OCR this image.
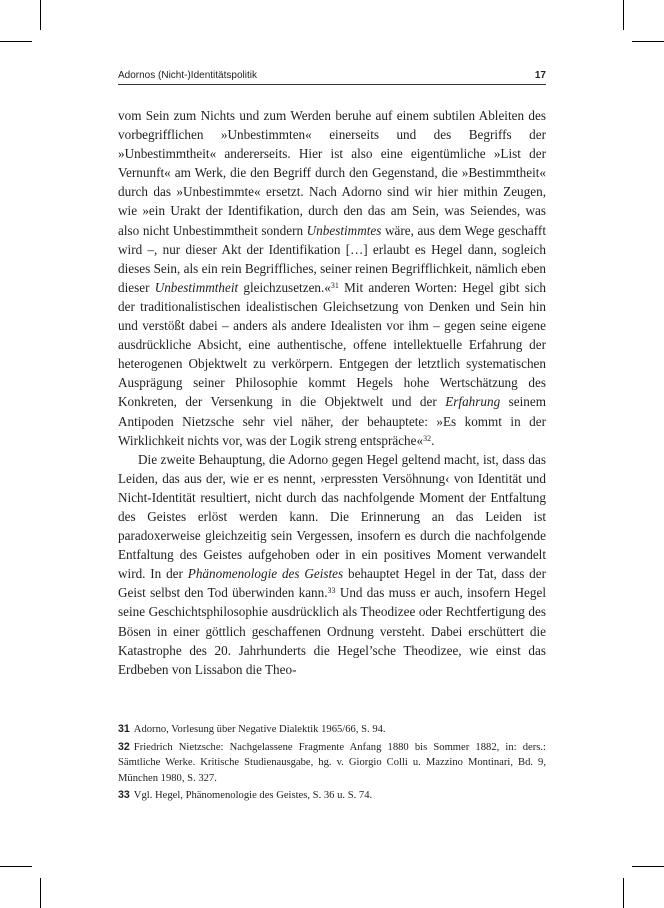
Adornos (Nicht-)Identitätspolitik	17

vom Sein zum Nichts und zum Werden beruhe auf einem subtilen Ableiten des vorbegrifflichen »Unbestimmten« einerseits und des Begriffs der »Unbestimmtheit« andererseits. Hier ist also eine eigentümliche »List der Vernunft« am Werk, die den Begriff durch den Gegenstand, die »Bestimmtheit« durch das »Unbestimmte« ersetzt. Nach Adorno sind wir hier mithin Zeugen, wie »ein Urakt der Identifikation, durch den das am Sein, was Seiendes, was also nicht Unbestimmtheit sondern Unbestimmtes wäre, aus dem Wege geschafft wird –, nur dieser Akt der Identifikation […] erlaubt es Hegel dann, sogleich dieses Sein, als ein rein Begriffliches, seiner reinen Begrifflichkeit, nämlich eben dieser Unbestimmtheit gleichzusetzen.«$^{31}$ Mit anderen Worten: Hegel gibt sich der traditionalistischen idealistischen Gleichsetzung von Denken und Sein hin und verstößt dabei – anders als andere Idealisten vor ihm – gegen seine eigene ausdrückliche Absicht, eine authentische, offene intellektuelle Erfahrung der heterogenen Objektwelt zu verkörpern. Entgegen der letztlich systematischen Ausprägung seiner Philosophie kommt Hegels hohe Wertschätzung des Konkreten, der Versenkung in die Objektwelt und der Erfahrung seinem Antipoden Nietzsche sehr viel näher, der behauptete: »Es kommt in der Wirklichkeit nichts vor, was der Logik streng entspräche«$^{32}$.

Die zweite Behauptung, die Adorno gegen Hegel geltend macht, ist, dass das Leiden, das aus der, wie er es nennt, ›erpressten Versöhnung‹ von Identität und Nicht-Identität resultiert, nicht durch das nachfolgende Moment der Entfaltung des Geistes erlöst werden kann. Die Erinnerung an das Leiden ist paradoxerweise gleichzeitig sein Vergessen, insofern es durch die nachfolgende Entfaltung des Geistes aufgehoben oder in ein positives Moment verwandelt wird. In der Phänomenologie des Geistes behauptet Hegel in der Tat, dass der Geist selbst den Tod überwinden kann.$^{33}$ Und das muss er auch, insofern Hegel seine Geschichtsphilosophie ausdrücklich als Theodizee oder Rechtfertigung des Bösen in einer göttlich geschaffenen Ordnung versteht. Dabei erschüttert die Katastrophe des 20. Jahrhunderts die Hegel’sche Theodizee, wie einst das Erdbeben von Lissabon die Theo-

31 Adorno, Vorlesung über Negative Dialektik 1965/66, S. 94.

32 Friedrich Nietzsche: Nachgelassene Fragmente Anfang 1880 bis Sommer 1882, in: ders.: Sämtliche Werke. Kritische Studienausgabe, hg. v. Giorgio Colli u. Mazzino Montinari, Bd. 9, München 1980, S. 327.

33 Vgl. Hegel, Phänomenologie des Geistes, S. 36 u. S. 74.
